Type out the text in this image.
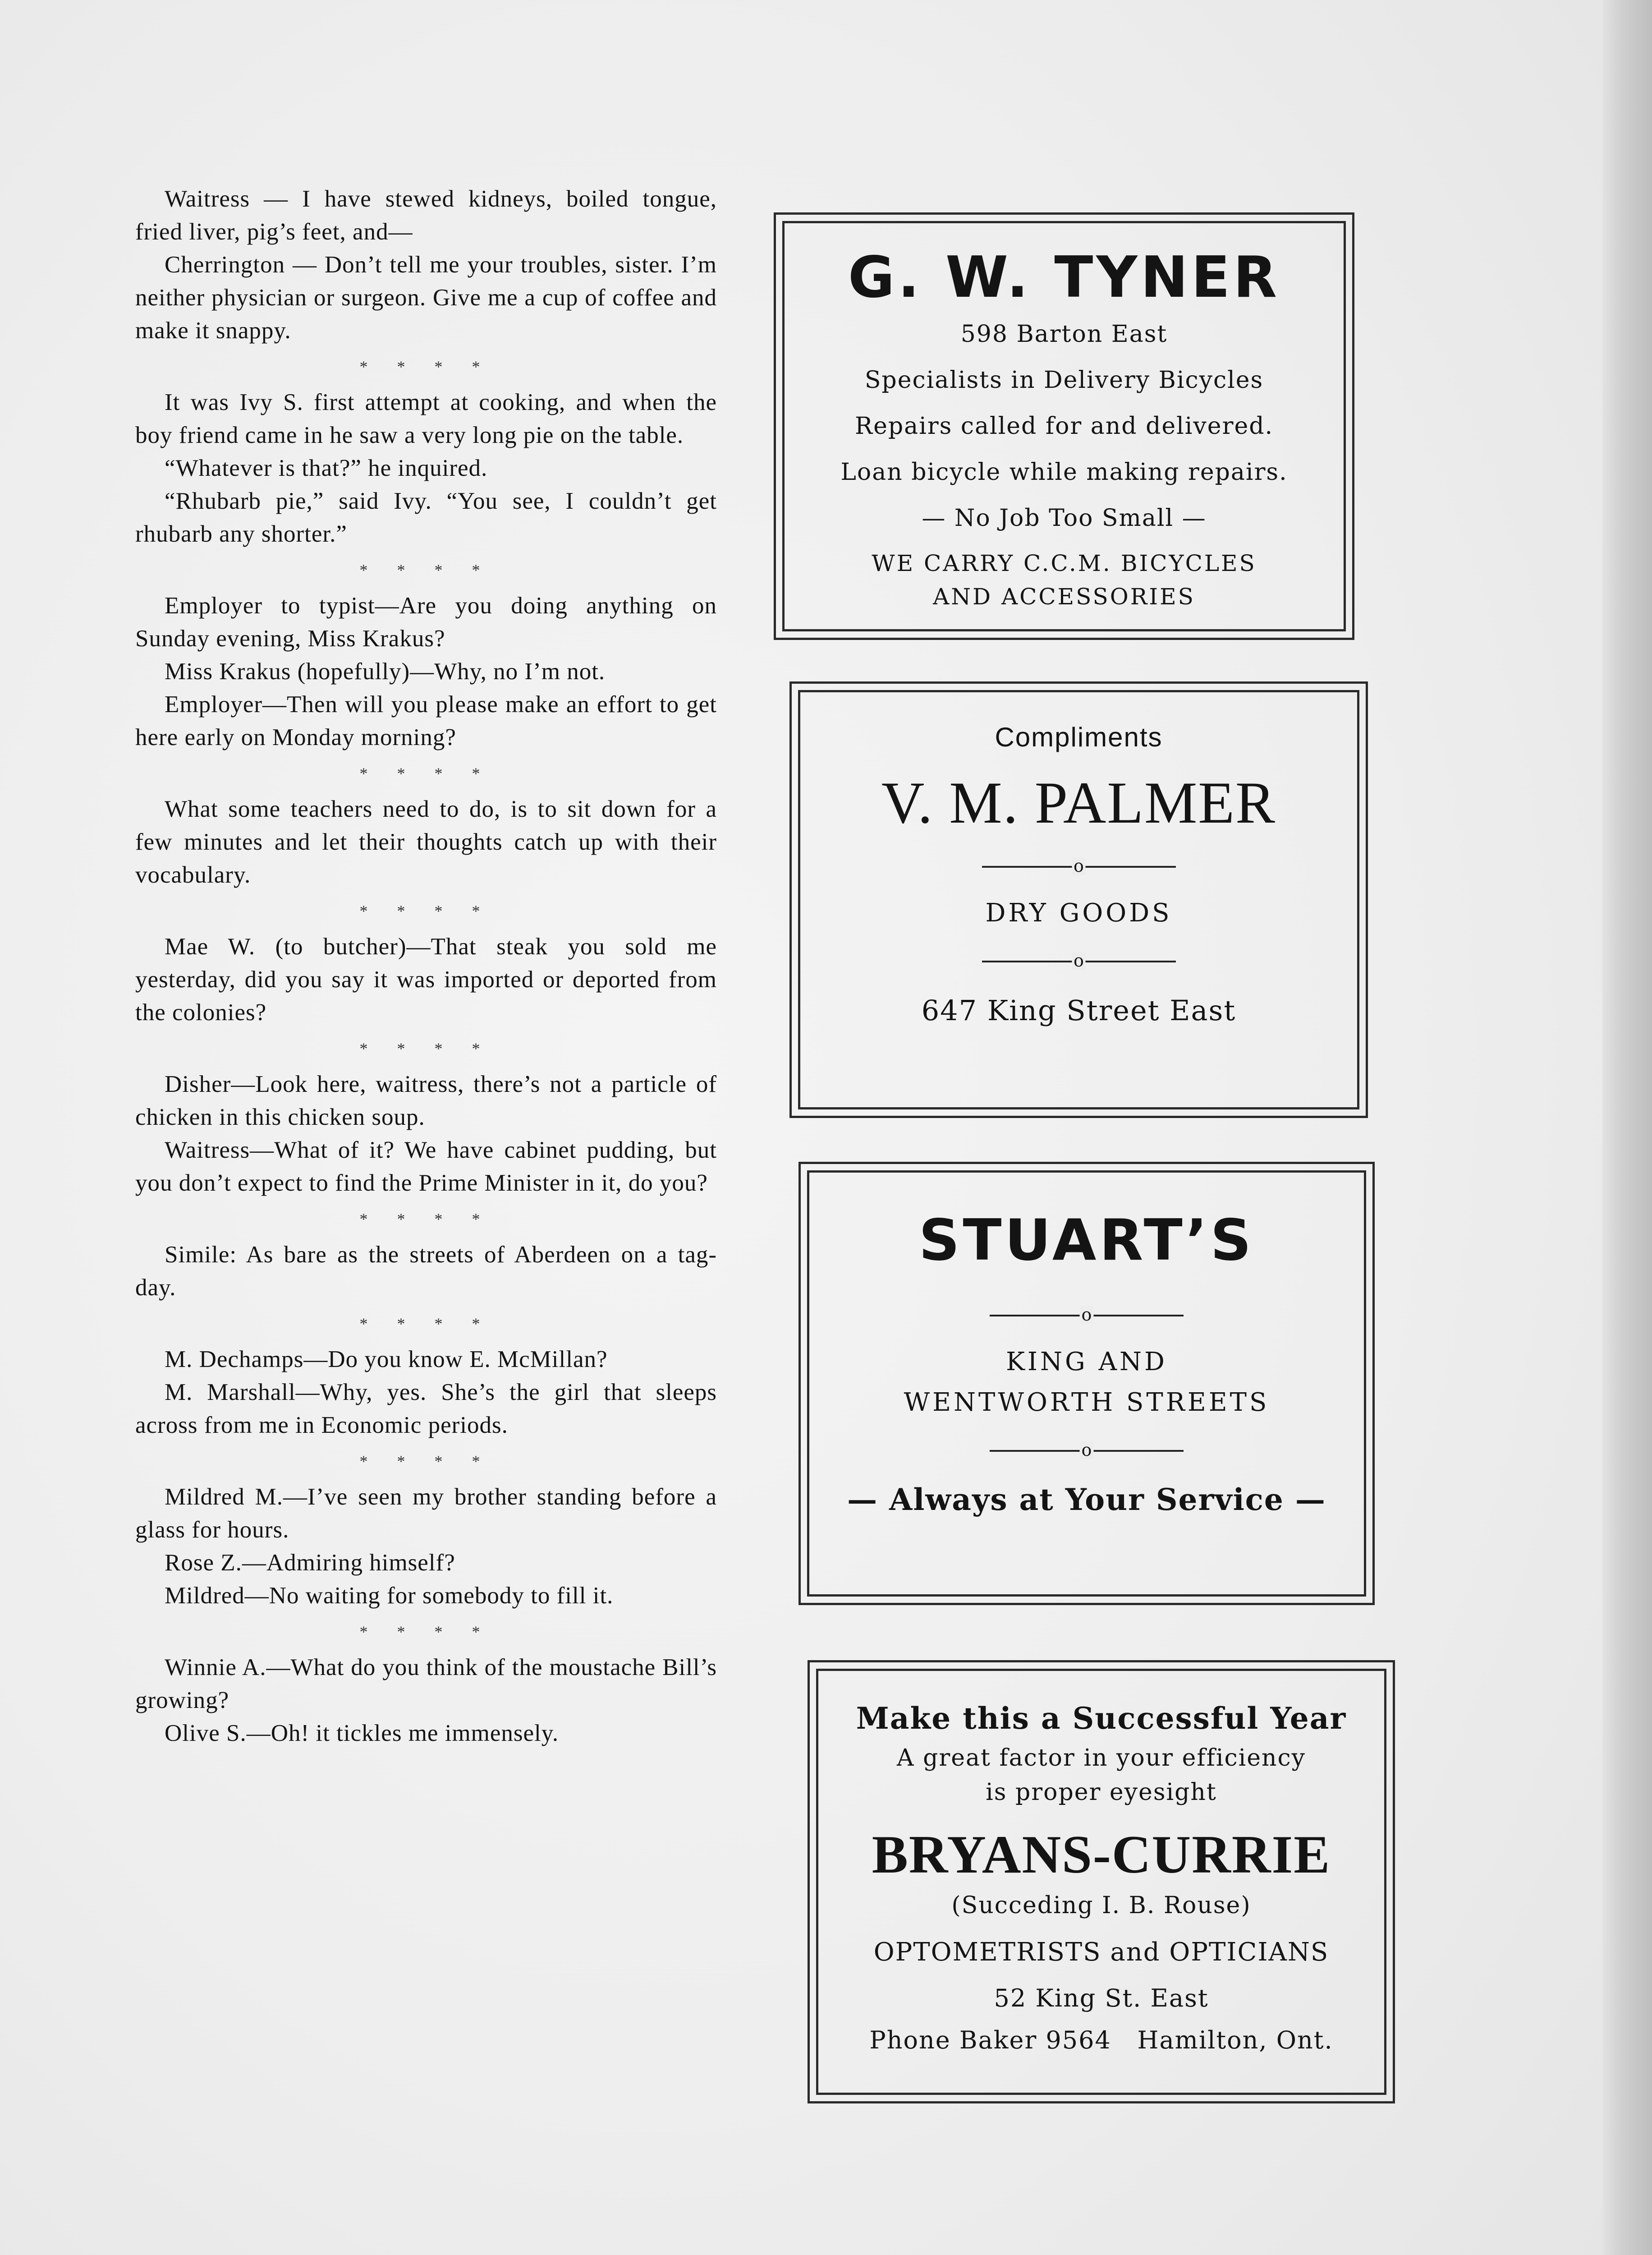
Waitress — I have stewed kidneys, boiled tongue, fried liver, pig’s feet, and—

Cherrington — Don’t tell me your troubles, sister. I’m neither physician or surgeon. Give me a cup of coffee and make it snappy.

* * * *

It was Ivy S. first attempt at cooking, and when the boy friend came in he saw a very long pie on the table.

“Whatever is that?” he inquired.

“Rhubarb pie,” said Ivy. “You see, I couldn’t get rhubarb any shorter.”

* * * *

Employer to typist—Are you doing anything on Sunday evening, Miss Krakus?

Miss Krakus (hopefully)—Why, no I’m not.

Employer—Then will you please make an effort to get here early on Monday morning?

* * * *

What some teachers need to do, is to sit down for a few minutes and let their thoughts catch up with their vocabulary.

* * * *

Mae W. (to butcher)—That steak you sold me yesterday, did you say it was imported or deported from the colonies?

* * * *

Disher—Look here, waitress, there’s not a particle of chicken in this chicken soup.

Waitress—What of it? We have cabinet pudding, but you don’t expect to find the Prime Minister in it, do you?

* * * *

Simile: As bare as the streets of Aberdeen on a tag-day.

* * * *

M. Dechamps—Do you know E. McMillan?

M. Marshall—Why, yes. She’s the girl that sleeps across from me in Economic periods.

* * * *

Mildred M.—I’ve seen my brother standing before a glass for hours.

Rose Z.—Admiring himself?

Mildred—No waiting for somebody to fill it.

* * * *

Winnie A.—What do you think of the moustache Bill’s growing?

Olive S.—Oh! it tickles me immensely.

G. W. TYNER
598 Barton East
Specialists in Delivery Bicycles
Repairs called for and delivered.
Loan bicycle while making repairs.
— No Job Too Small —
WE CARRY C.C.M. BICYCLES
AND ACCESSORIES
Compliments
V. M. PALMER
o
DRY GOODS
o
647 King Street East
STUART’S
o
KING AND
WENTWORTH STREETS
o
— Always at Your Service —
Make this a Successful Year
A great factor in your efficiency
is proper eyesight
BRYANS-CURRIE
(Succeding I. B. Rouse)
OPTOMETRISTS and OPTICIANS
52 King St. East
Phone Baker 9564 Hamilton, Ont.
